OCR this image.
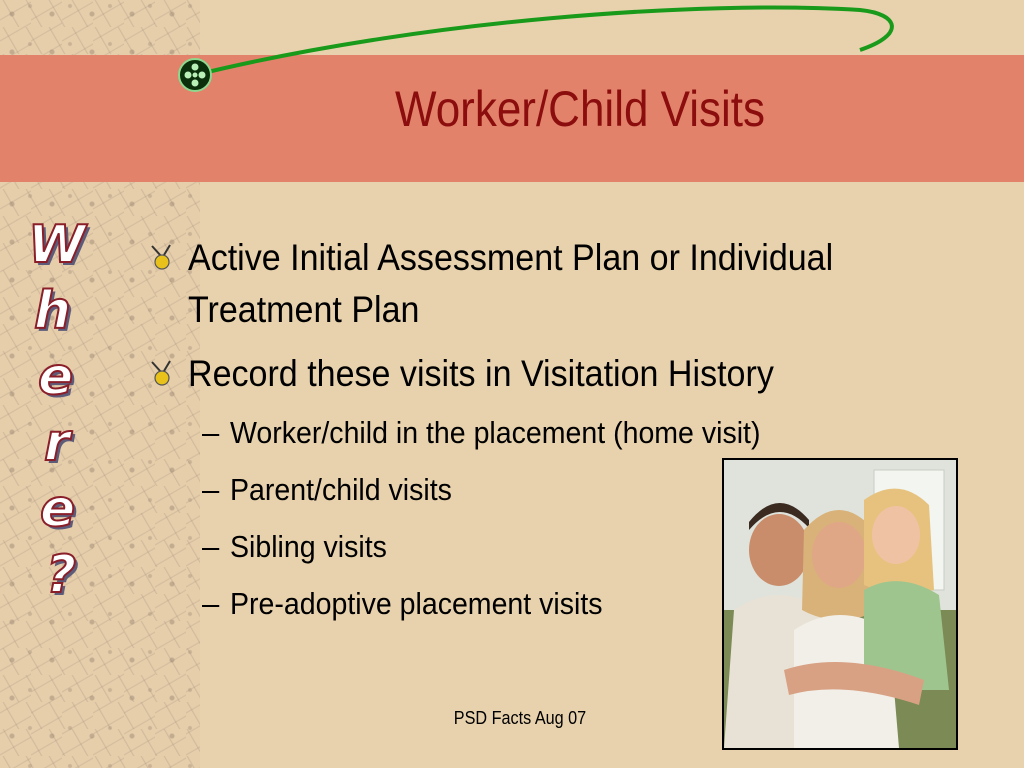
Worker/Child Visits
W
h
e
r
e
?
Active Initial Assessment Plan or Individual Treatment Plan
Record these visits in Visitation History
– Worker/child in the placement (home visit)
– Parent/child visits
– Sibling visits
– Pre-adoptive placement visits
PSD Facts Aug 07
